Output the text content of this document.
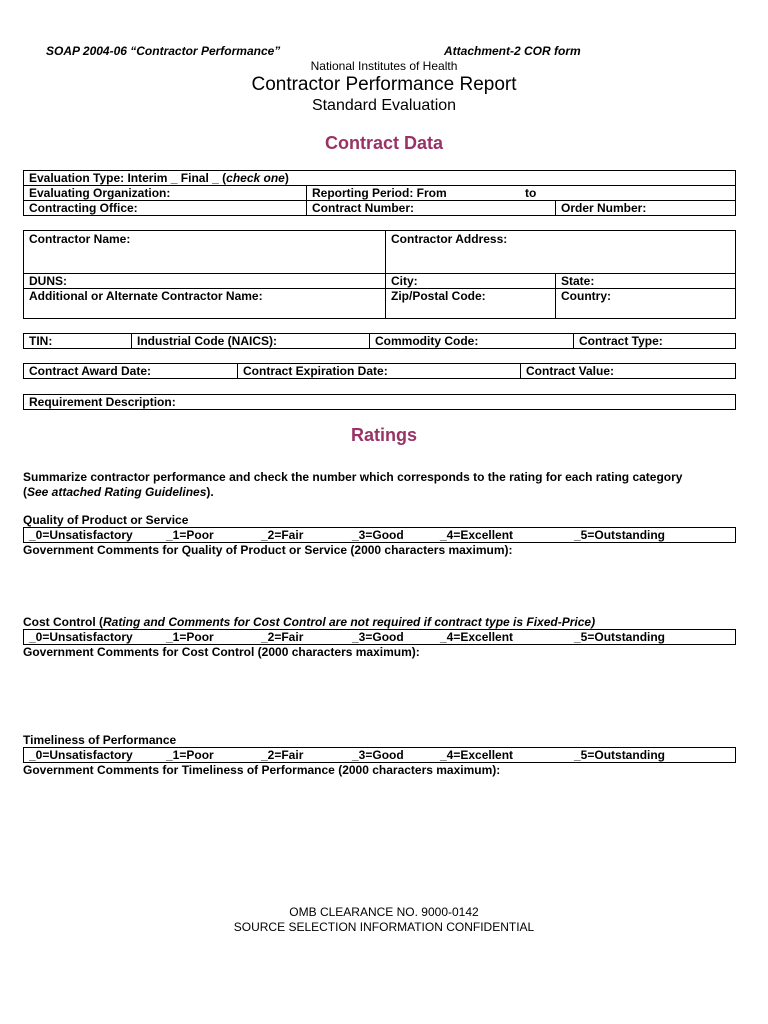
SOAP 2004-06 “Contractor Performance”	Attachment-2 COR form
National Institutes of Health
Contractor Performance Report
Standard Evaluation
Contract Data
Evaluation Type: Interim _ Final _ (check one)
Evaluating Organization:	Reporting Period: From	to
Contracting Office:	Contract Number:	Order Number:
Contractor Name:	Contractor Address:
DUNS:	City:	State:
Additional or Alternate Contractor Name:	Zip/Postal Code:	Country:
TIN:	Industrial Code (NAICS):	Commodity Code:	Contract Type:
Contract Award Date:	Contract Expiration Date:	Contract Value:
Requirement Description:
Ratings
Summarize contractor performance and check the number which corresponds to the rating for each rating category
(See attached Rating Guidelines).
Quality of Product or Service
_0=Unsatisfactory	_1=Poor	_2=Fair	_3=Good	_4=Excellent	_5=Outstanding
Government Comments for Quality of Product or Service (2000 characters maximum):
Cost Control (Rating and Comments for Cost Control are not required if contract type is Fixed-Price)
_0=Unsatisfactory	_1=Poor	_2=Fair	_3=Good	_4=Excellent	_5=Outstanding
Government Comments for Cost Control (2000 characters maximum):
Timeliness of Performance
_0=Unsatisfactory	_1=Poor	_2=Fair	_3=Good	_4=Excellent	_5=Outstanding
Government Comments for Timeliness of Performance (2000 characters maximum):
OMB CLEARANCE NO. 9000-0142
SOURCE SELECTION INFORMATION CONFIDENTIAL
